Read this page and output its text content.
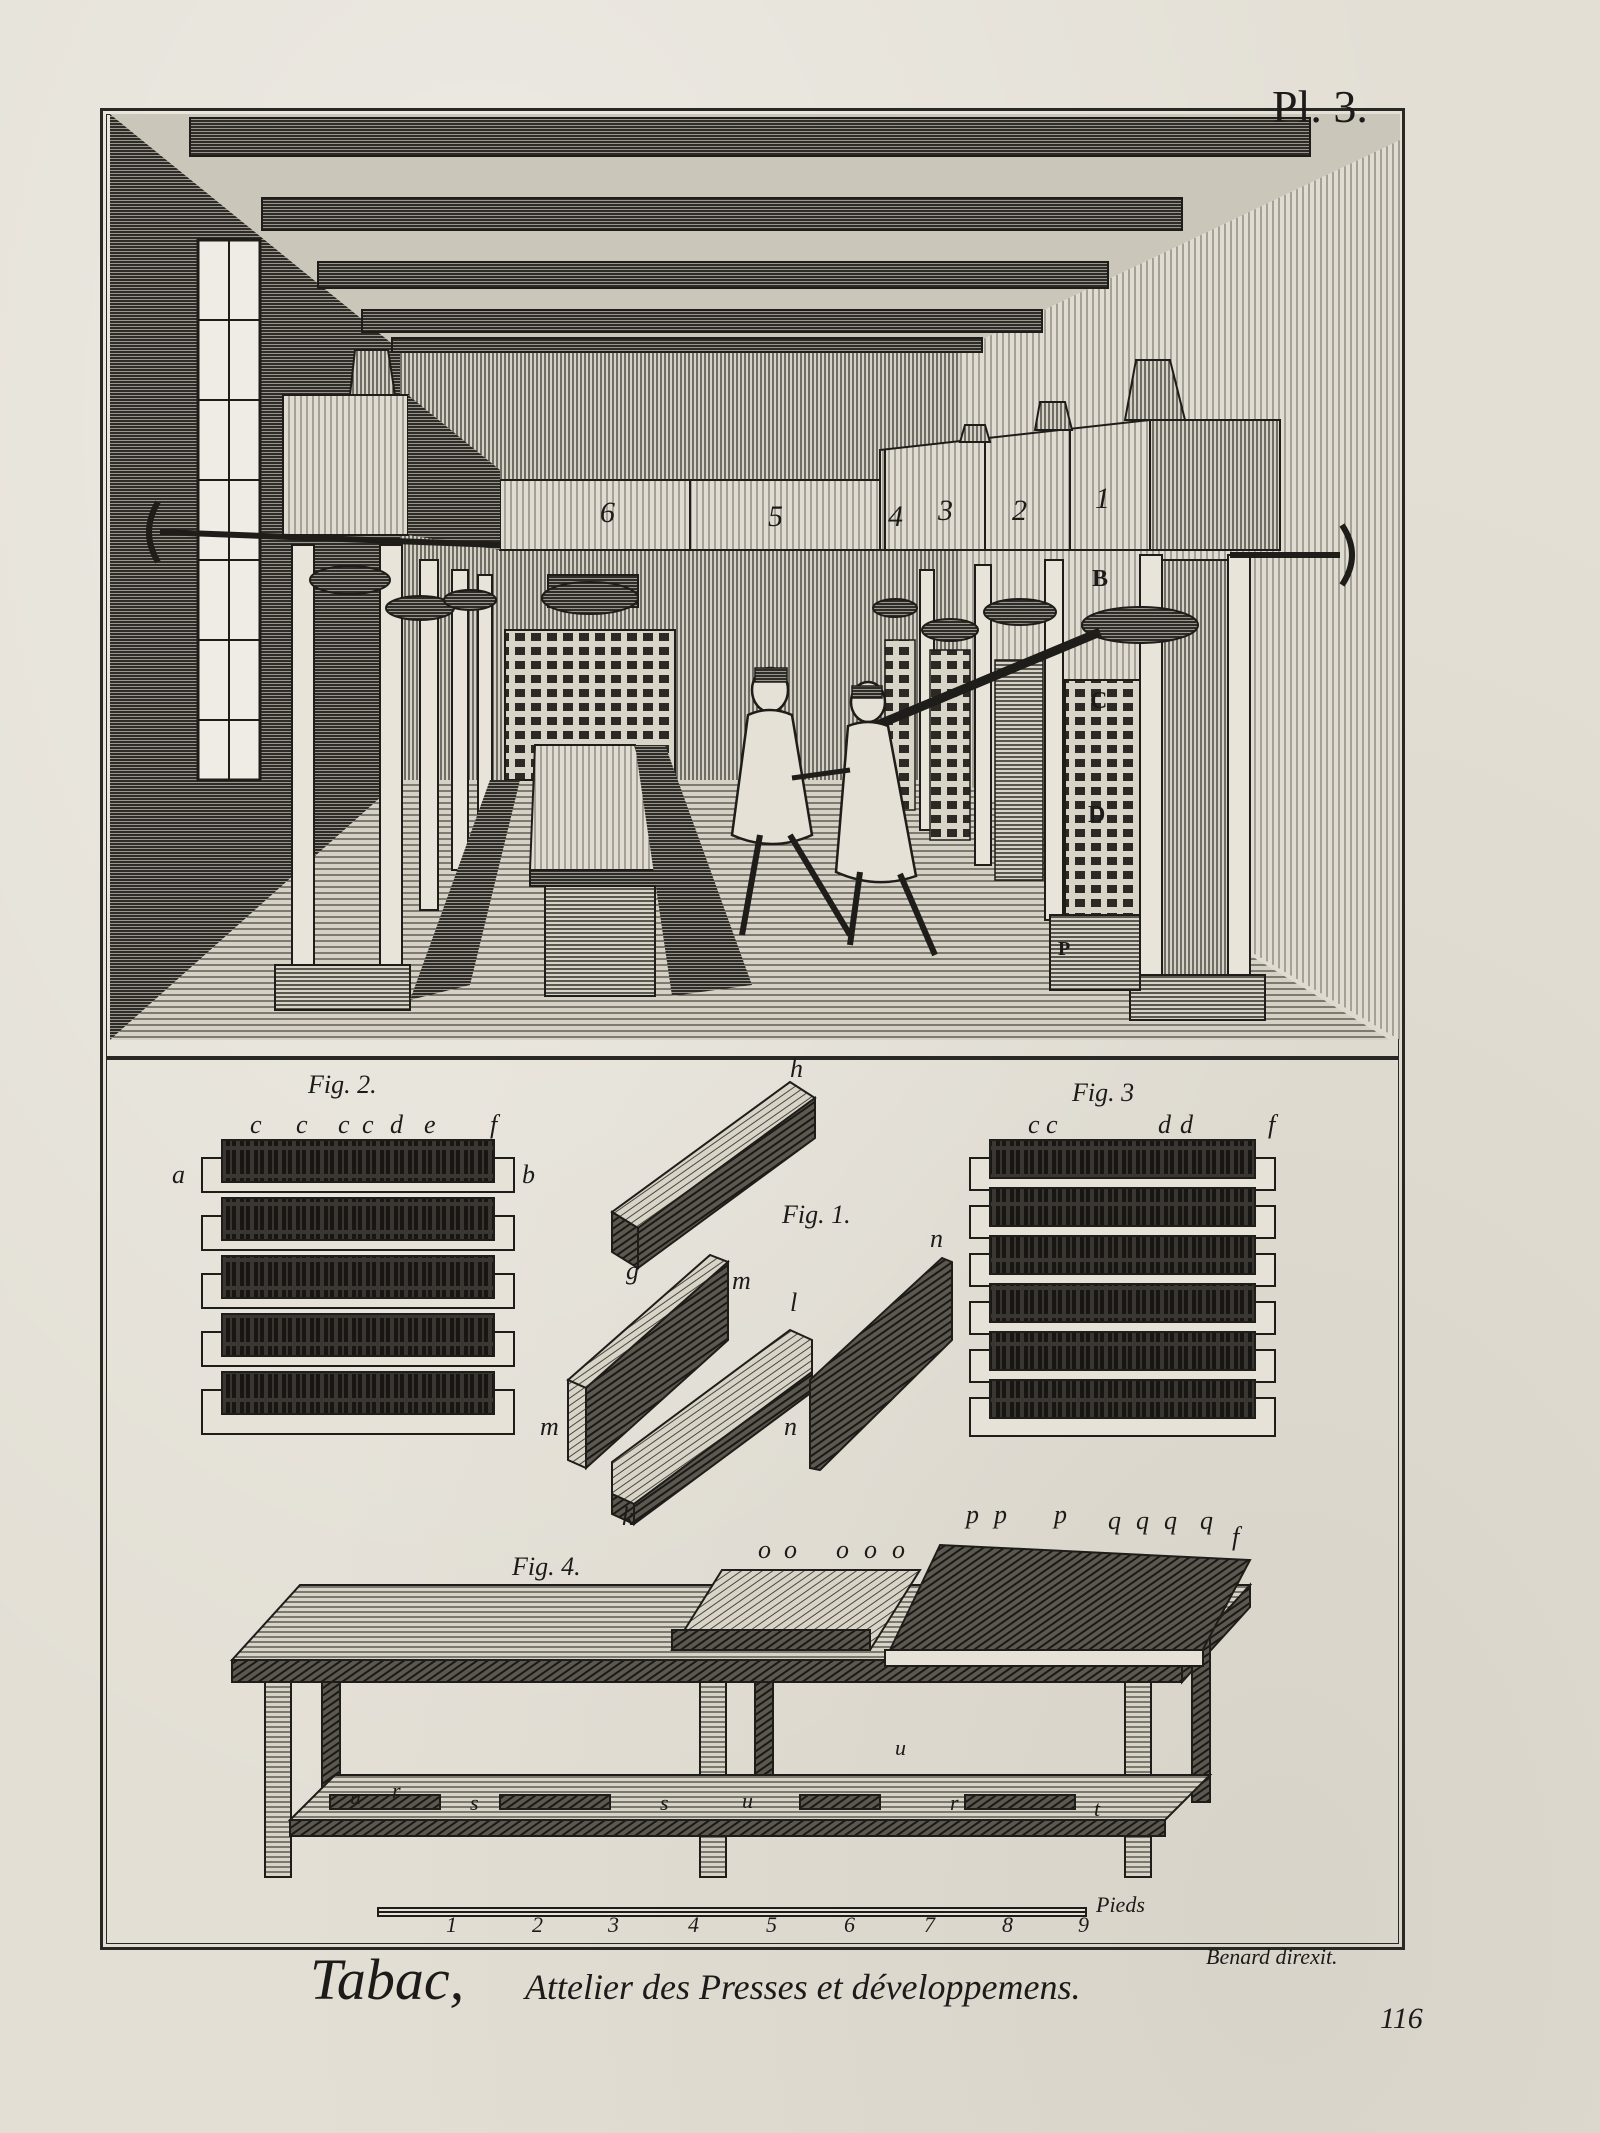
6	5	4 3 2 1
B
C
D
P
Fig. 2.
Fig. 1.
Fig. 3
Fig. 4.
c c c c d e f
a	b
h
g	m
l
n
m	n
k
c c	d d	f
o o o o o
p p p q q q q
f
r	s	s
u
r	t
u	u
1	2	3	4	5	6	7	8	9
Pieds
Pl. 3.
Tabac, Attelier des Presses et développemens.
Benard direxit.
116
